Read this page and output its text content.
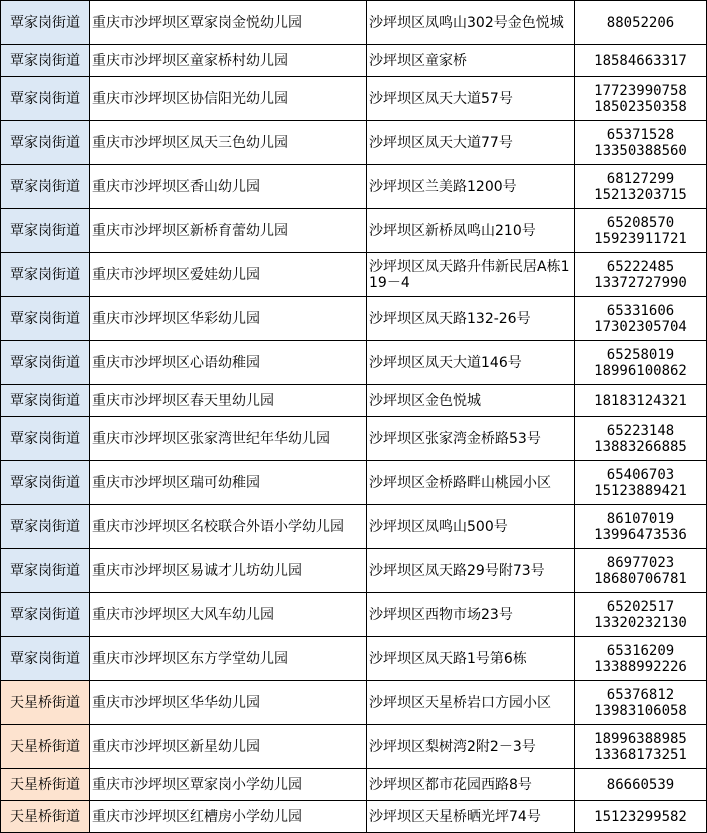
覃家岗街道	重庆市沙坪坝区覃家岗金悦幼儿园	沙坪坝区凤鸣山302号金色悦城	88052206

覃家岗街道	重庆市沙坪坝区童家桥村幼儿园	沙坪坝区童家桥	18584663317

覃家岗街道	重庆市沙坪坝区协信阳光幼儿园	沙坪坝区凤天大道57号	17723990758
18502350358

覃家岗街道	重庆市沙坪坝区凤天三色幼儿园	沙坪坝区凤天大道77号	65371528
13350388560

覃家岗街道	重庆市沙坪坝区香山幼儿园	沙坪坝区兰美路1200号	68127299
15213203715

覃家岗街道	重庆市沙坪坝区新桥育蕾幼儿园	沙坪坝区新桥凤鸣山210号	65208570
15923911721

覃家岗街道	重庆市沙坪坝区爱娃幼儿园	沙坪坝区凤天路升伟新民居A栋119－4	65222485
13372727990

覃家岗街道	重庆市沙坪坝区华彩幼儿园	沙坪坝区凤天路132-26号	65331606
17302305704

覃家岗街道	重庆市沙坪坝区心语幼稚园	沙坪坝区凤天大道146号	65258019
18996100862

覃家岗街道	重庆市沙坪坝区春天里幼儿园	沙坪坝区金色悦城	18183124321

覃家岗街道	重庆市沙坪坝区张家湾世纪年华幼儿园	沙坪坝区张家湾金桥路53号	65223148
13883266885

覃家岗街道	重庆市沙坪坝区瑞可幼稚园	沙坪坝区金桥路畔山桃园小区	65406703
15123889421

覃家岗街道	重庆市沙坪坝区名校联合外语小学幼儿园	沙坪坝区凤鸣山500号	86107019
13996473536

覃家岗街道	重庆市沙坪坝区易诚才儿坊幼儿园	沙坪坝区凤天路29号附73号	86977023
18680706781

覃家岗街道	重庆市沙坪坝区大风车幼儿园	沙坪坝区西物市场23号	65202517
13320232130

覃家岗街道	重庆市沙坪坝区东方学堂幼儿园	沙坪坝区凤天路1号第6栋	65316209
13388992226

天星桥街道	重庆市沙坪坝区华华幼儿园	沙坪坝区天星桥岩口方园小区	65376812
13983106058

天星桥街道	重庆市沙坪坝区新星幼儿园	沙坪坝区梨树湾2附2－3号	18996388985
13368173251

天星桥街道	重庆市沙坪坝区覃家岗小学幼儿园	沙坪坝区都市花园西路8号	86660539

天星桥街道	重庆市沙坪坝区红槽房小学幼儿园	沙坪坝区天星桥晒光坪74号	15123299582
